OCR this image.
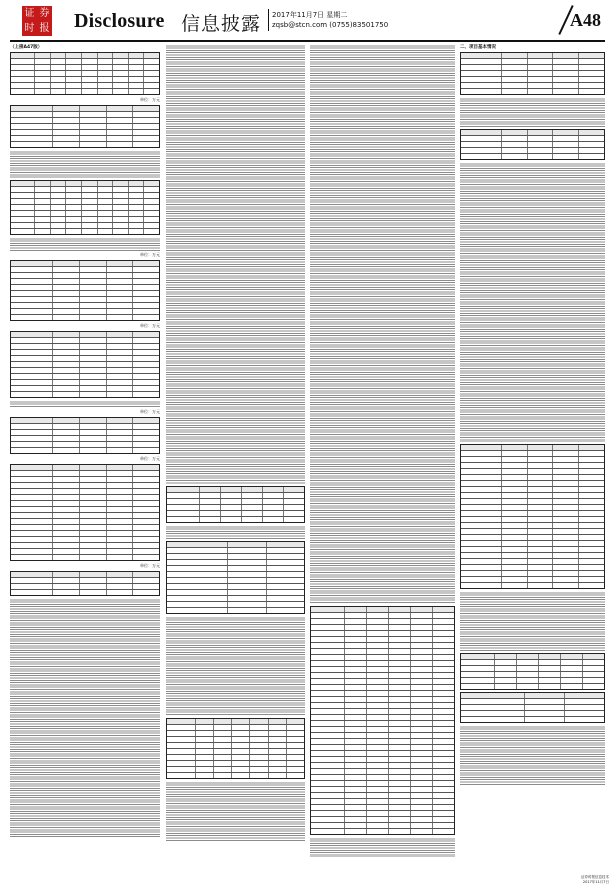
证 券
时 报 Disclosure 信息披露 2017年11月7日 星期二
zqsb@stcn.com (0755)83501750	A48
（上接A47版）
单位：万元
单位：万元
单位：万元
单位：万元
单位：万元
单位：万元
二、项目基本情况
证券时报信息技术
2017年11月7日
